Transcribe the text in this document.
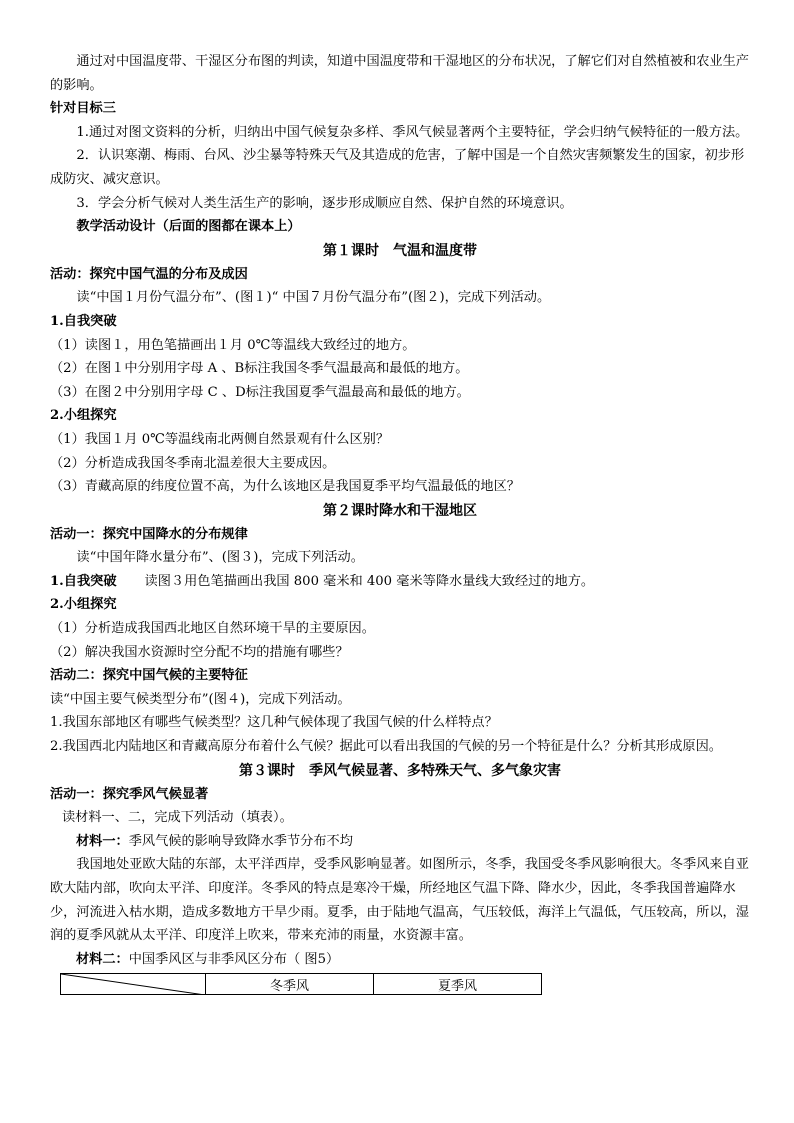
通过对中国温度带、干湿区分布图的判读，知道中国温度带和干湿地区的分布状况，了解它们对自然植被和农业生产的影响。

针对目标三

1.通过对图文资料的分析，归纳出中国气候复杂多样、季风气候显著两个主要特征，学会归纳气候特征的一般方法。

2．认识寒潮、梅雨、台风、沙尘暴等特殊天气及其造成的危害，了解中国是一个自然灾害频繁发生的国家，初步形成防灾、减灾意识。

3．学会分析气候对人类生活生产的影响，逐步形成顺应自然、保护自然的环境意识。

教学活动设计（后面的图都在课本上）

第１课时　气温和温度带

活动：探究中国气温的分布及成因

读“中国１月份气温分布”、(图１)“ 中国７月份气温分布”(图２)，完成下列活动。

1.自我突破

（1）读图１，用色笔描画出１月 0℃等温线大致经过的地方。

（2）在图１中分别用字母 A 、B标注我国冬季气温最高和最低的地方。

（3）在图２中分别用字母 C 、D标注我国夏季气温最高和最低的地方。

2.小组探究

（1）我国１月 0℃等温线南北两侧自然景观有什么区别？

（2）分析造成我国冬季南北温差很大主要成因。

（3）青藏高原的纬度位置不高，为什么该地区是我国夏季平均气温最低的地区？

第２课时降水和干湿地区

活动一：探究中国降水的分布规律

读“中国年降水量分布”、(图３)，完成下列活动。

1.自我突破 读图３用色笔描画出我国 800 毫米和 400 毫米等降水量线大致经过的地方。

2.小组探究

（1）分析造成我国西北地区自然环境干旱的主要原因。

（2）解决我国水资源时空分配不均的措施有哪些？

活动二：探究中国气候的主要特征

读“中国主要气候类型分布”(图４)，完成下列活动。

1.我国东部地区有哪些气候类型？这几种气候体现了我国气候的什么样特点？

2.我国西北内陆地区和青藏高原分布着什么气候？据此可以看出我国的气候的另一个特征是什么？分析其形成原因。

第３课时　季风气候显著、多特殊天气、多气象灾害

活动一：探究季风气候显著

读材料一、二，完成下列活动（填表）。

材料一：季风气候的影响导致降水季节分布不均

我国地处亚欧大陆的东部，太平洋西岸，受季风影响显著。如图所示，冬季，我国受冬季风影响很大。冬季风来自亚欧大陆内部，吹向太平洋、印度洋。冬季风的特点是寒冷干燥，所经地区气温下降、降水少，因此，冬季我国普遍降水少，河流进入枯水期，造成多数地方干旱少雨。夏季，由于陆地气温高，气压较低，海洋上气温低，气压较高，所以，湿润的夏季风就从太平洋、印度洋上吹来，带来充沛的雨量，水资源丰富。

材料二：中国季风区与非季风区分布（ 图5）

	冬季风	夏季风
